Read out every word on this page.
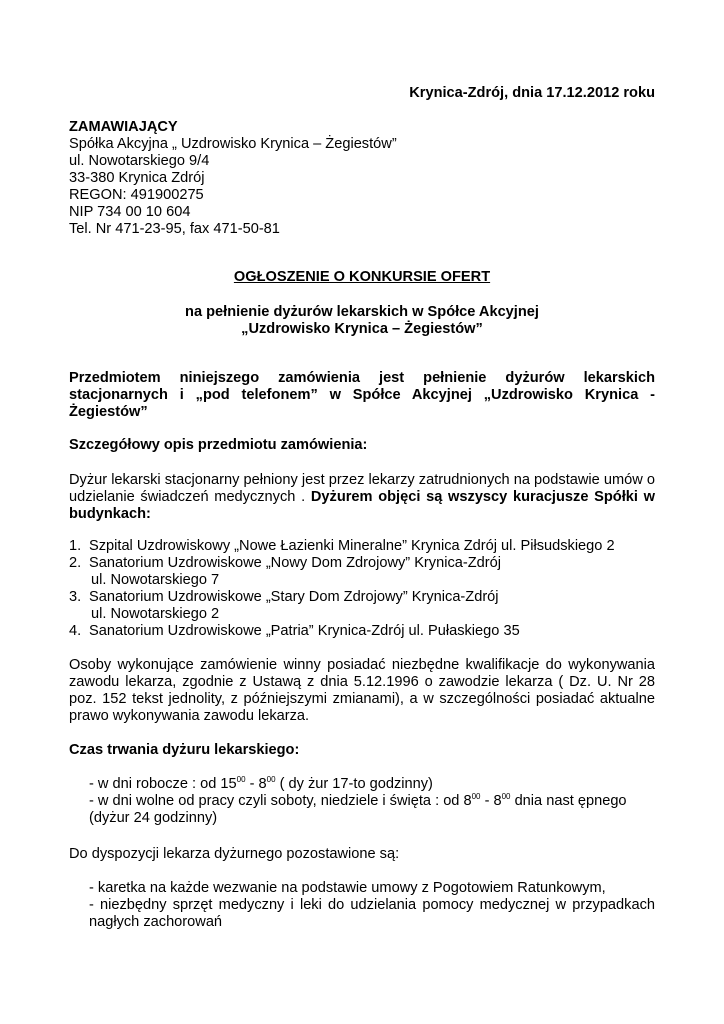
Krynica-Zdrój, dnia 17.12.2012 roku

ZAMAWIAJĄCY
Spółka Akcyjna „ Uzdrowisko Krynica – Żegiestów”
ul. Nowotarskiego 9/4
33-380 Krynica Zdrój
REGON: 491900275
NIP 734 00 10 604
Tel. Nr 471-23-95, fax 471-50-81

OGŁOSZENIE O KONKURSIE OFERT

na pełnienie dyżurów lekarskich w Spółce Akcyjnej

„Uzdrowisko Krynica – Żegiestów”

Przedmiotem niniejszego zamówienia jest pełnienie dyżurów lekarskich
stacjonarnych i „pod telefonem” w Spółce Akcyjnej „Uzdrowisko Krynica -
Żegiestów”

Szczegółowy opis przedmiotu zamówienia:

Dyżur lekarski stacjonarny pełniony jest przez lekarzy zatrudnionych na podstawie umów o udzielanie świadczeń medycznych . Dyżurem objęci są wszyscy kuracjusze Spółki w budynkach:

1. Szpital Uzdrowiskowy „Nowe Łazienki Mineralne” Krynica Zdrój ul. Piłsudskiego 2
2. Sanatorium Uzdrowiskowe „Nowy Dom Zdrojowy” Krynica-Zdrój
ul. Nowotarskiego 7
3. Sanatorium Uzdrowiskowe „Stary Dom Zdrojowy” Krynica-Zdrój
ul. Nowotarskiego 2
4. Sanatorium Uzdrowiskowe „Patria” Krynica-Zdrój ul. Pułaskiego 35
Osoby wykonujące zamówienie winny posiadać niezbędne kwalifikacje do wykonywania
zawodu lekarza, zgodnie z Ustawą z dnia 5.12.1996 o zawodzie lekarza ( Dz. U. Nr 28
poz. 152 tekst jednolity, z późniejszymi zmianami), a w szczególności posiadać aktualne
prawo wykonywania zawodu lekarza.

Czas trwania dyżuru lekarskiego:

- w dni robocze : od $15^{00} - 8^{00}$ ( dy żur 17-to godzinny)
- w dni wolne od pracy czyli soboty, niedziele i święta : od $8^{00} - 8^{00}$ dnia nast ępnego
(dyżur 24 godzinny)

Do dyspozycji lekarza dyżurnego pozostawione są:

- karetka na każde wezwanie na podstawie umowy z Pogotowiem Ratunkowym,
- niezbędny sprzęt medyczny i leki do udzielania pomocy medycznej w przypadkach
nagłych zachorowań
